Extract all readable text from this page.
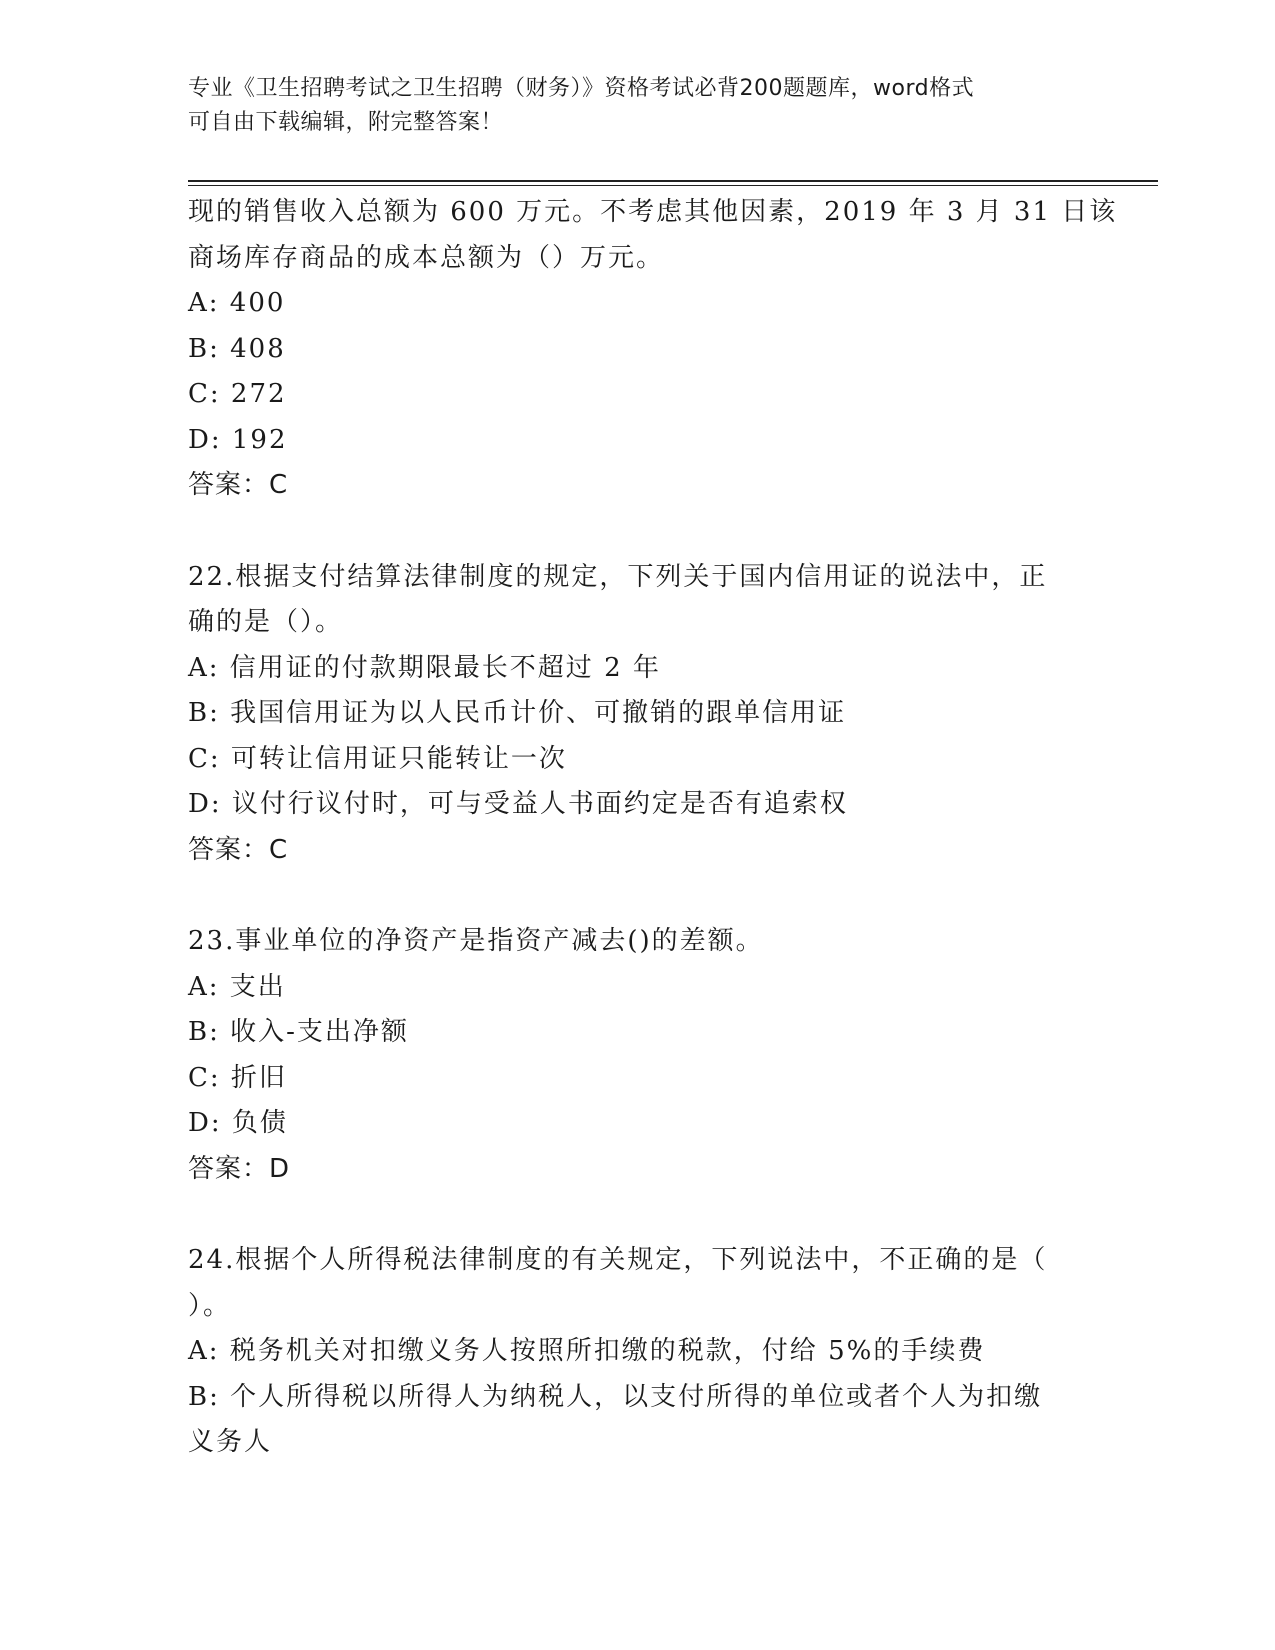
专业《卫生招聘考试之卫生招聘（财务）》资格考试必背200题题库，word格式
可自由下载编辑，附完整答案！
现的销售收入总额为 600 万元。不考虑其他因素，2019 年 3 月 31 日该
商场库存商品的成本总额为（）万元。
A: 400
B: 408
C: 272
D: 192
答案：C
22.根据支付结算法律制度的规定，下列关于国内信用证的说法中，正
确的是（）。
A: 信用证的付款期限最长不超过 2 年
B: 我国信用证为以人民币计价、可撤销的跟单信用证
C: 可转让信用证只能转让一次
D: 议付行议付时，可与受益人书面约定是否有追索权
答案：C
23.事业单位的净资产是指资产减去()的差额。
A: 支出
B: 收入-支出净额
C: 折旧
D: 负债
答案：D
24.根据个人所得税法律制度的有关规定，下列说法中，不正确的是（
）。
A: 税务机关对扣缴义务人按照所扣缴的税款，付给 5%的手续费
B: 个人所得税以所得人为纳税人，以支付所得的单位或者个人为扣缴
义务人
